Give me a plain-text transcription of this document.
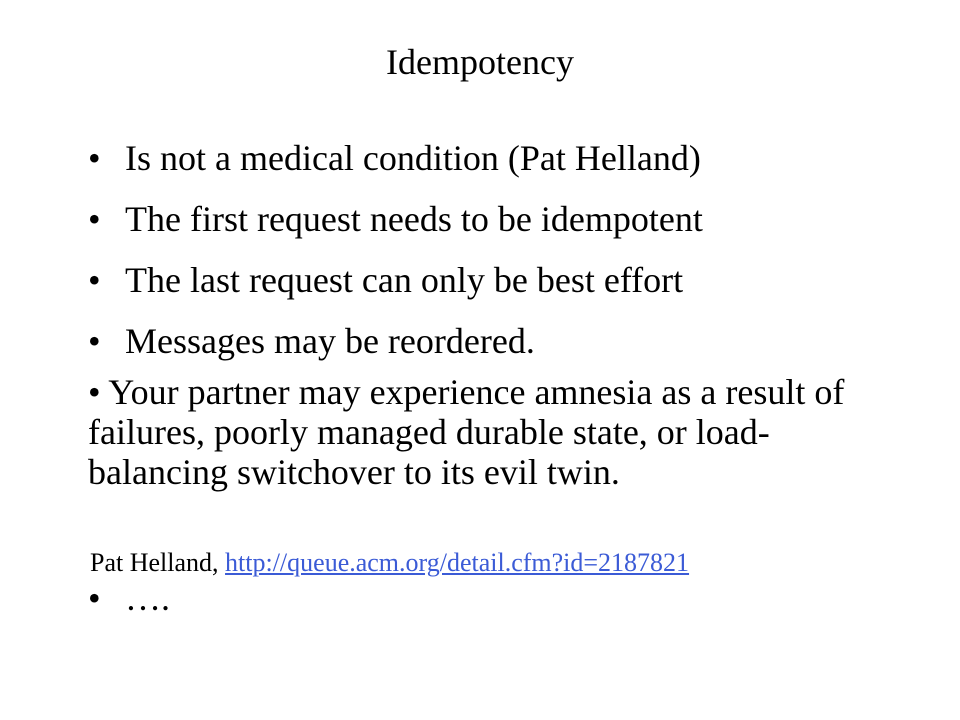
Idempotency
• Is not a medical condition (Pat Helland)
• The first request needs to be idempotent
• The last request can only be best effort
• Messages may be reordered.

• Your partner may experience amnesia as a result of failures, poorly managed durable state, or load-balancing switchover to its evil twin.

Pat Helland, http://queue.acm.org/detail.cfm?id=2187821
• ….
